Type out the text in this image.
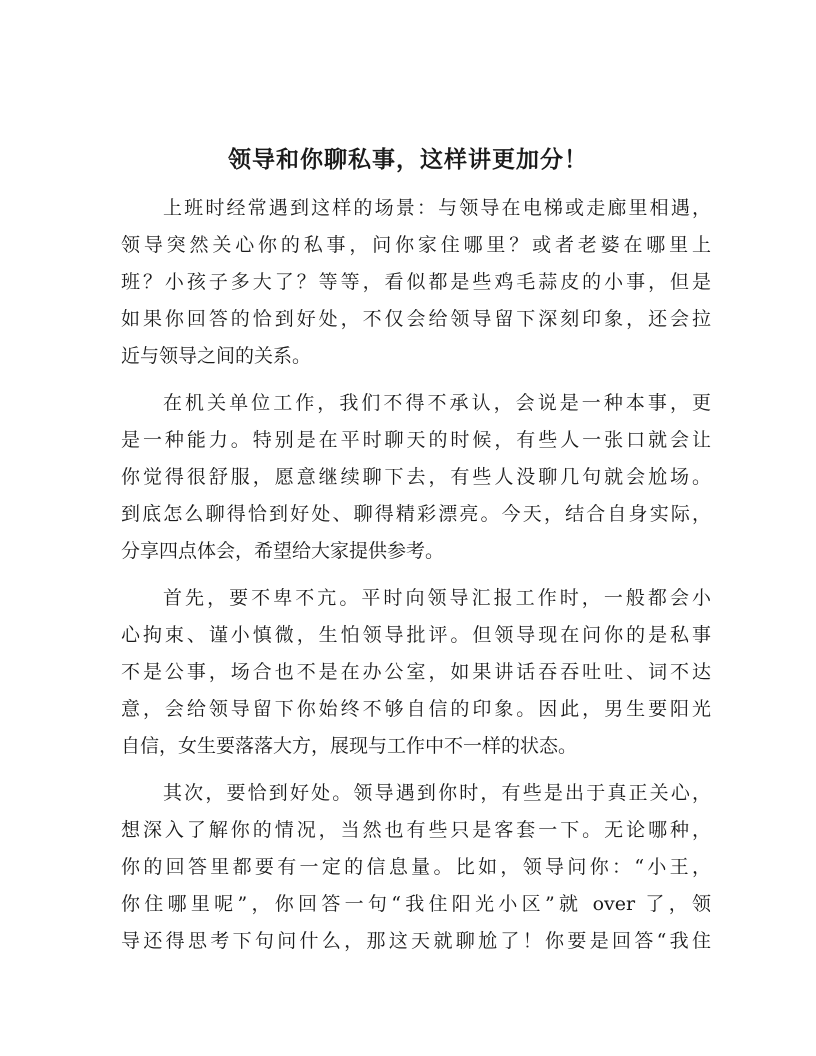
领导和你聊私事，这样讲更加分！
上班时经常遇到这样的场景：与领导在电梯或走廊里相遇，
领导突然关心你的私事，问你家住哪里？或者老婆在哪里上
班？小孩子多大了？等等，看似都是些鸡毛蒜皮的小事，但是
如果你回答的恰到好处，不仅会给领导留下深刻印象，还会拉
近与领导之间的关系。
在机关单位工作，我们不得不承认，会说是一种本事，更
是一种能力。特别是在平时聊天的时候，有些人一张口就会让
你觉得很舒服，愿意继续聊下去，有些人没聊几句就会尬场。
到底怎么聊得恰到好处、聊得精彩漂亮。今天，结合自身实际，
分享四点体会，希望给大家提供参考。
首先，要不卑不亢。平时向领导汇报工作时，一般都会小
心拘束、谨小慎微，生怕领导批评。但领导现在问你的是私事
不是公事，场合也不是在办公室，如果讲话吞吞吐吐、词不达
意，会给领导留下你始终不够自信的印象。因此，男生要阳光
自信，女生要落落大方，展现与工作中不一样的状态。
其次，要恰到好处。领导遇到你时，有些是出于真正关心，
想深入了解你的情况，当然也有些只是客套一下。无论哪种，
你的回答里都要有一定的信息量。比如，领导问你：“小王，
你住哪里呢”，你回答一句“我住阳光小区”就 over 了，领
导还得思考下句问什么，那这天就聊尬了！你要是回答“我住
